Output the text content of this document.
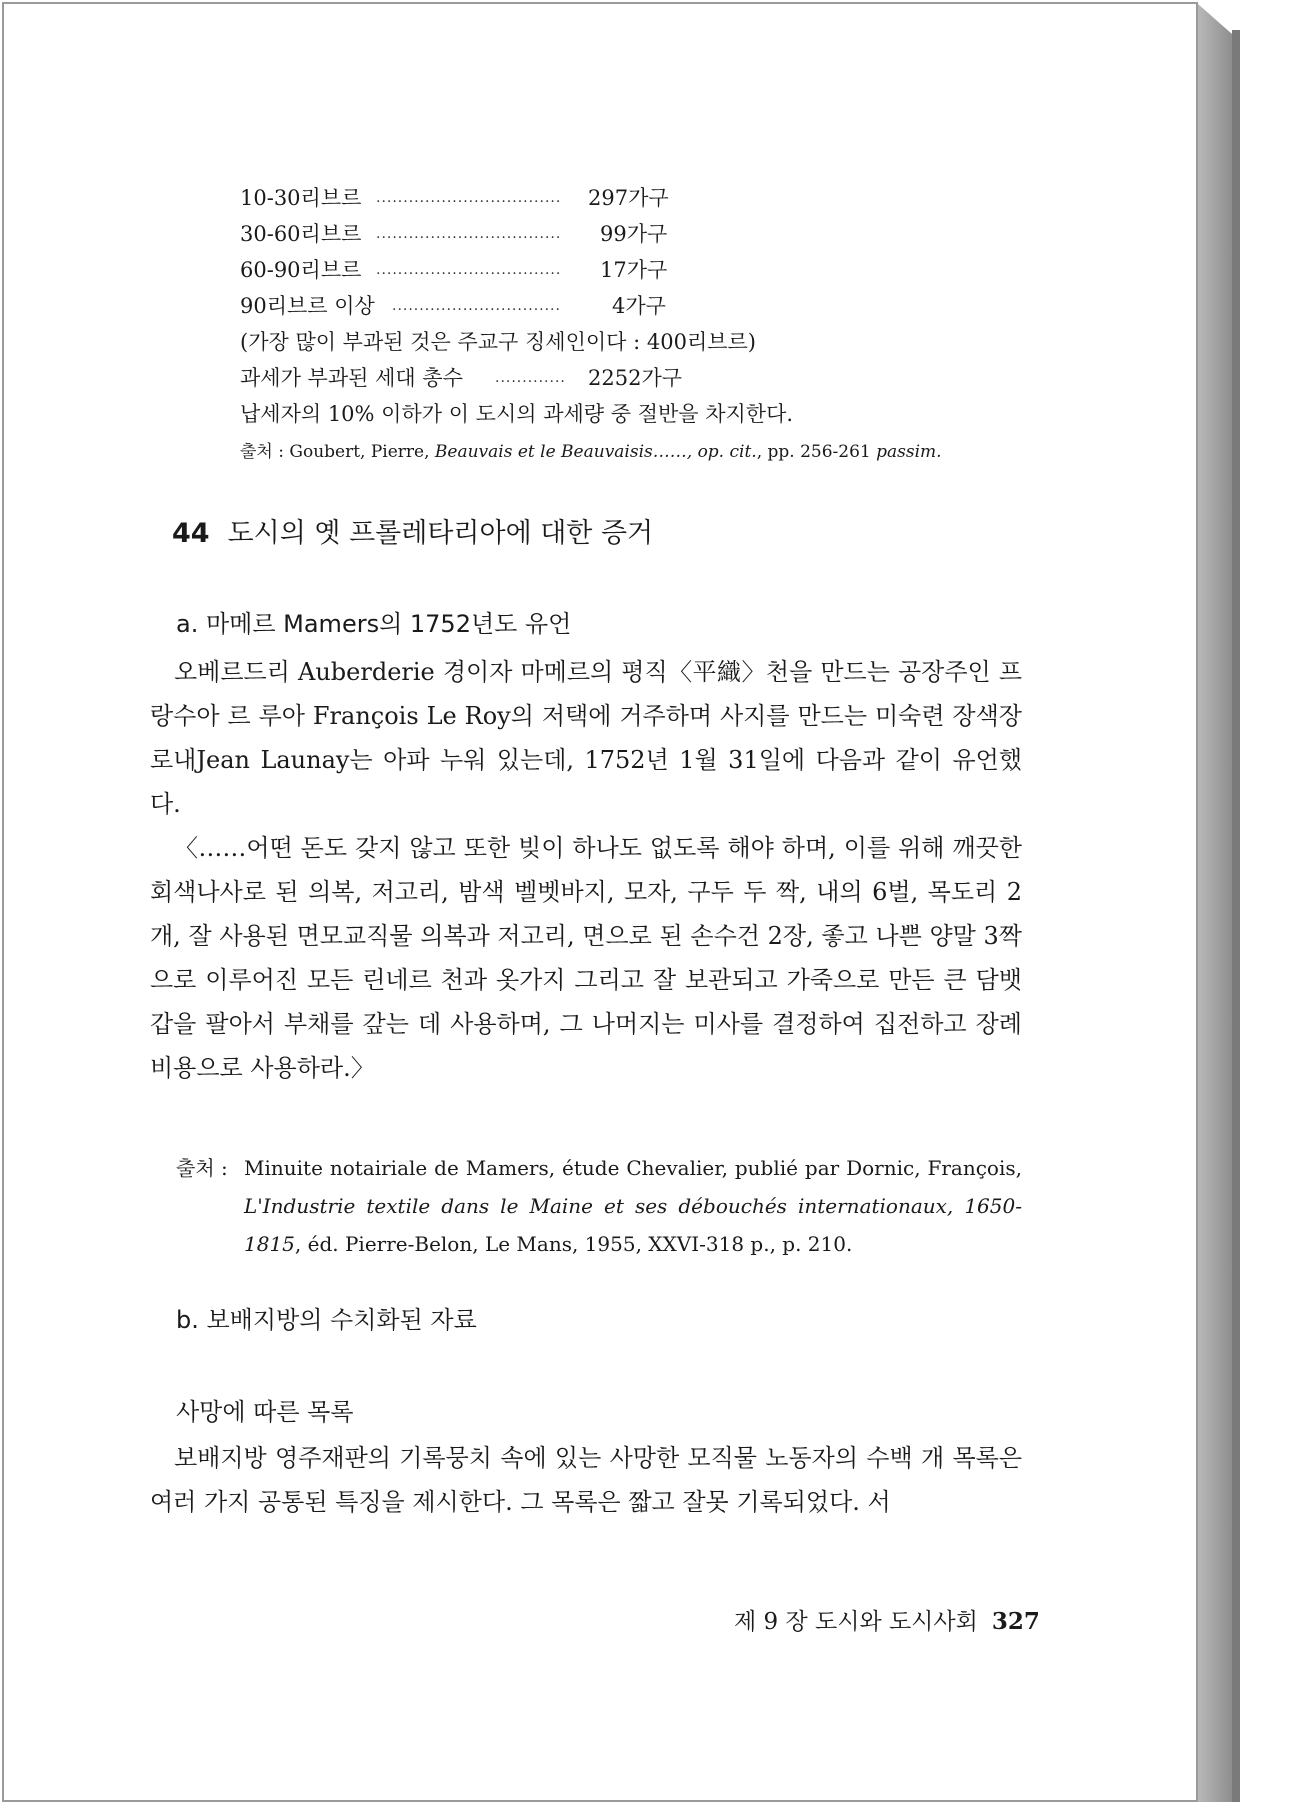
10-30리브르 .................................. 297가구
30-60리브르 .................................. 99가구
60-90리브르 .................................. 17가구
90리브르 이상 ............................... 4가구
(가장 많이 부과된 것은 주교구 징세인이다 : 400리브르)
과세가 부과된 세대 총수 ............. 2252가구
납세자의 10% 이하가 이 도시의 과세량 중 절반을 차지한다.
출처 : Goubert, Pierre, Beauvais et le Beauvaisis……, op. cit., pp. 256-261 passim.
44 도시의 옛 프롤레타리아에 대한 증거
a. 마메르 Mamers의 1752년도 유언
오베르드리 Auberderie 경이자 마메르의 평직〈平織〉천을 만드는 공장주인 프랑수아 르 루아 François Le Roy의 저택에 거주하며 사지를 만드는 미숙련 장색장 로내Jean Launay는 아파 누워 있는데, 1752년 1월 31일에 다음과 같이 유언했다.
〈……어떤 돈도 갖지 않고 또한 빚이 하나도 없도록 해야 하며, 이를 위해 깨끗한 회색나사로 된 의복, 저고리, 밤색 벨벳바지, 모자, 구두 두 짝, 내의 6벌, 목도리 2개, 잘 사용된 면모교직물 의복과 저고리, 면으로 된 손수건 2장, 좋고 나쁜 양말 3짝으로 이루어진 모든 린네르 천과 옷가지 그리고 잘 보관되고 가죽으로 만든 큰 담뱃갑을 팔아서 부채를 갚는 데 사용하며, 그 나머지는 미사를 결정하여 집전하고 장례비용으로 사용하라.〉
출처 : Minuite notairiale de Mamers, étude Chevalier, publié par Dornic, François, L'Industrie textile dans le Maine et ses débouchés internationaux, 1650-1815, éd. Pierre-Belon, Le Mans, 1955, XXVI-318 p., p. 210.
b. 보배지방의 수치화된 자료
사망에 따른 목록
보배지방 영주재판의 기록뭉치 속에 있는 사망한 모직물 노동자의 수백 개 목록은 여러 가지 공통된 특징을 제시한다. 그 목록은 짧고 잘못 기록되었다. 서
제 9 장 도시와 도시사회 327
